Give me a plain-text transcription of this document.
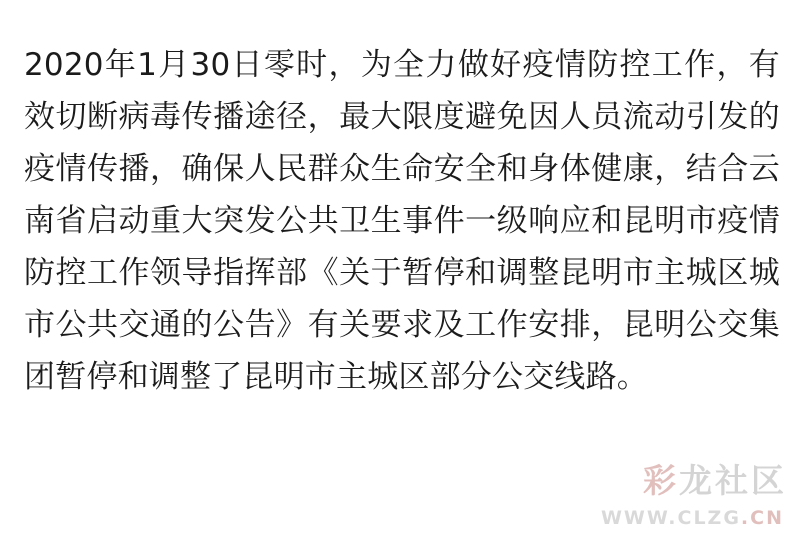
2020年1月30日零时，为全力做好疫情防控工作，有效切断病毒传播途径，最大限度避免因人员流动引发的疫情传播，确保人民群众生命安全和身体健康，结合云南省启动重大突发公共卫生事件一级响应和昆明市疫情防控工作领导指挥部《关于暂停和调整昆明市主城区城市公共交通的公告》有关要求及工作安排，昆明公交集团暂停和调整了昆明市主城区部分公交线路。

彩 龙 社 区
WWW.CLZG.CN
